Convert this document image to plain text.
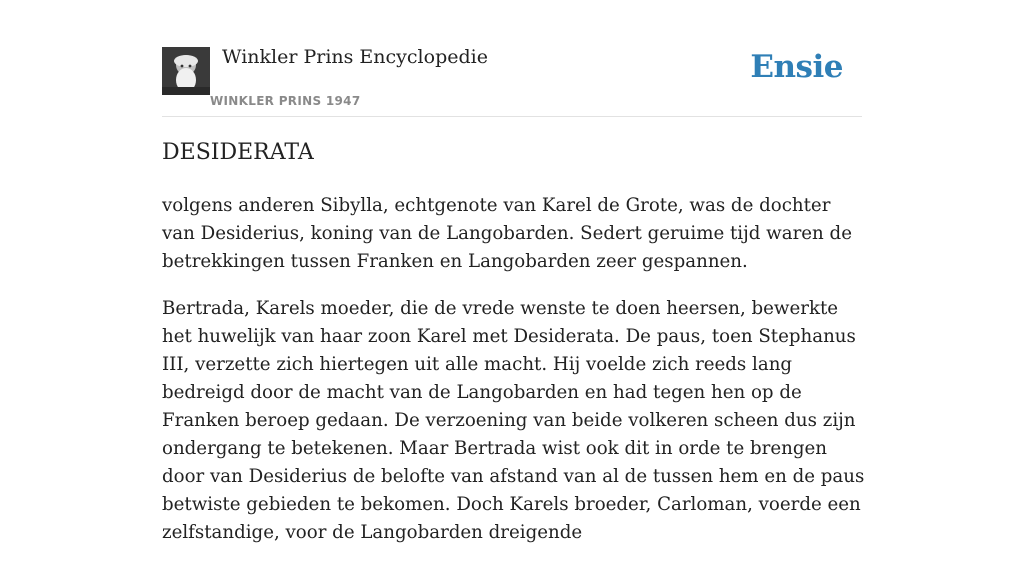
Winkler Prins Encyclopedie
WINKLER PRINS 1947
Ensie
DESIDERATA

volgens anderen Sibylla, echtgenote van Karel de Grote, was de dochter van Desiderius, koning van de Langobarden. Sedert geruime tijd waren de betrekkingen tussen Franken en Langobarden zeer gespannen.

Bertrada, Karels moeder, die de vrede wenste te doen heersen, bewerkte het huwelijk van haar zoon Karel met Desiderata. De paus, toen Stephanus III, verzette zich hiertegen uit alle macht. Hij voelde zich reeds lang bedreigd door de macht van de Langobarden en had tegen hen op de Franken beroep gedaan. De verzoening van beide volkeren scheen dus zijn ondergang te betekenen. Maar Bertrada wist ook dit in orde te brengen door van Desiderius de belofte van afstand van al de tussen hem en de paus betwiste gebieden te bekomen. Doch Karels broeder, Carloman, voerde een zelfstandige, voor de Langobarden dreigende
